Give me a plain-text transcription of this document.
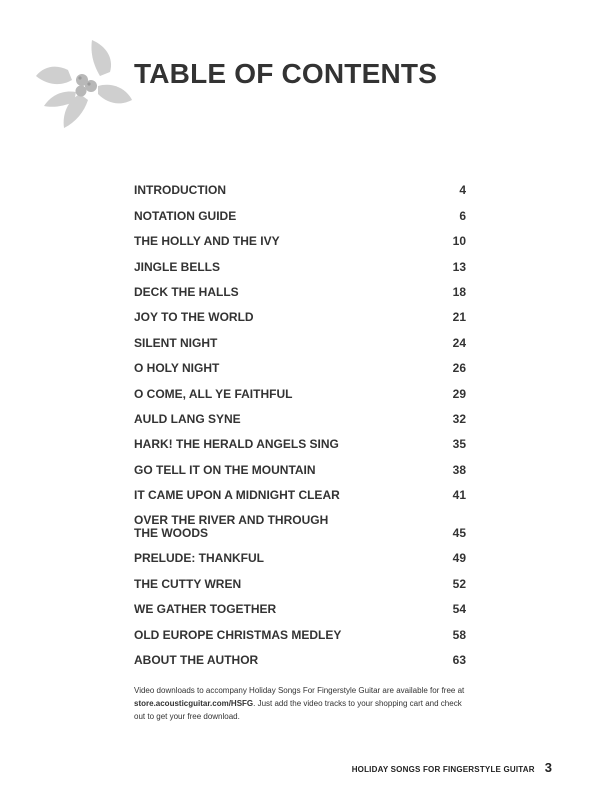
TABLE OF CONTENTS
INTRODUCTION	4
NOTATION GUIDE	6
THE HOLLY AND THE IVY	10
JINGLE BELLS	13
DECK THE HALLS	18
JOY TO THE WORLD	21
SILENT NIGHT	24
O HOLY NIGHT	26
O COME, ALL YE FAITHFUL	29
AULD LANG SYNE	32
HARK! THE HERALD ANGELS SING	35
GO TELL IT ON THE MOUNTAIN	38
IT CAME UPON A MIDNIGHT CLEAR	41
OVER THE RIVER AND THROUGH
THE WOODS	45
PRELUDE: THANKFUL	49
THE CUTTY WREN	52
WE GATHER TOGETHER	54
OLD EUROPE CHRISTMAS MEDLEY	58
ABOUT THE AUTHOR	63
Video downloads to accompany Holiday Songs For Fingerstyle Guitar are available for free at store.acousticguitar.com/HSFG. Just add the video tracks to your shopping cart and check out to get your free download.
HOLIDAY SONGS FOR FINGERSTYLE GUITAR 3
